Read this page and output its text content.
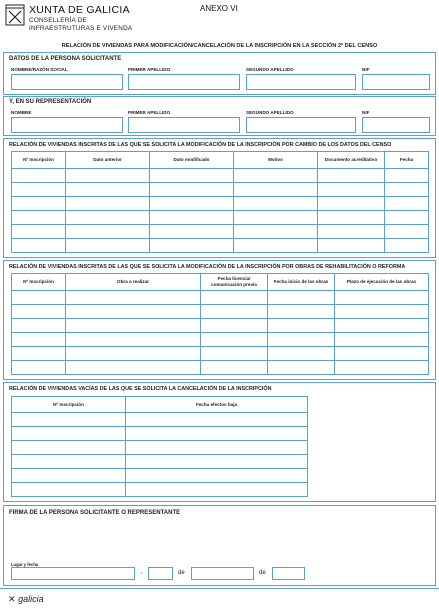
XUNTA DE GALICIA
CONSELLERÍA DE
INFRAESTRUTURAS E VIVENDA
ANEXO VI
RELACIÓN DE VIVIENDAS PARA MODIFICACIÓN/CANCELACIÓN DE LA INSCRIPCIÓN EN LA SECCIÓN 2ª DEL CENSO
DATOS DE LA PERSONA SOLICITANTE
NOMBRE/RAZÓN SOCIAL	PRIMER APELLIDO	SEGUNDO APELLIDO	NIF
Y, EN SU REPRESENTACIÓN
NOMBRE	PRIMER APELLIDO	SEGUNDO APELLIDO	NIF
RELACIÓN DE VIVIENDAS INSCRITAS DE LAS QUE SE SOLICITA LA MODIFICACIÓN DE LA INSCRIPCIÓN POR CAMBIO DE LOS DATOS DEL CENSO
Nº Inscripción	Dato anterior	Dato modificado	Motivo	Documento acreditativo	Fecha

RELACIÓN DE VIVIENDAS INSCRITAS DE LAS QUE SE SOLICITA LA MODIFICACIÓN DE LA INSCRIPCIÓN POR OBRAS DE REHABILITACIÓN O REFORMA
Nº Inscripción	Obra a realizar	Fecha licencia/ comunicación previa	Fecha inicio de las obras	Plazo de ejecución de las obras

RELACIÓN DE VIVIENDAS VACÍAS DE LAS QUE SE SOLICITA LA CANCELACIÓN DE LA INSCRIPCIÓN
Nº Inscripción	Fecha efectos baja

FIRMA DE LA PERSONA SOLICITANTE O REPRESENTANTE
Lugar y fecha
,	de	de
✕ galicia
